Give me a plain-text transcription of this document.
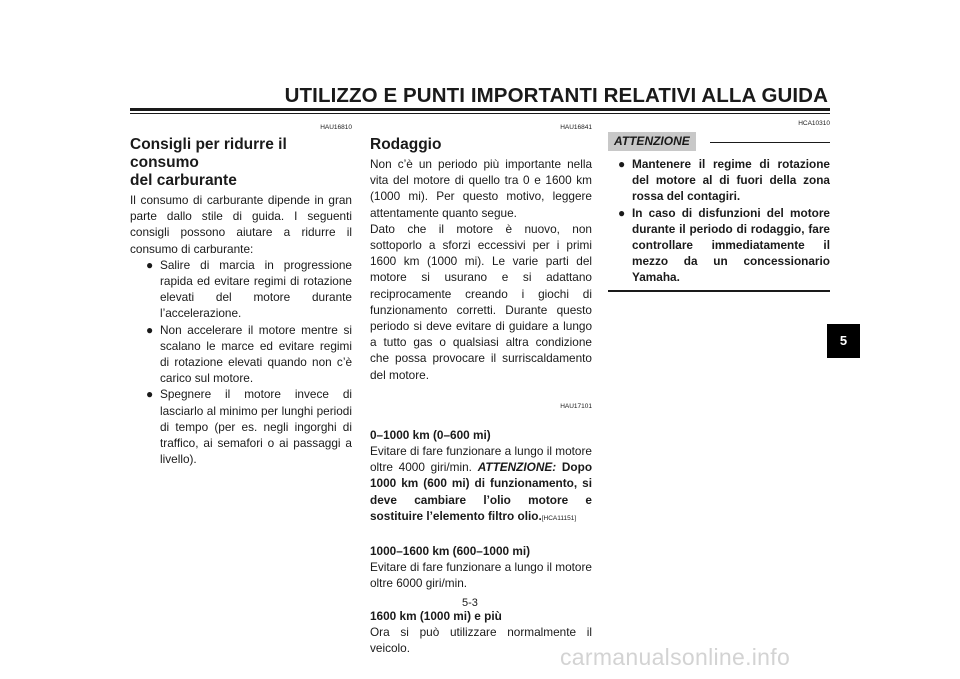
UTILIZZO E PUNTI IMPORTANTI RELATIVI ALLA GUIDA
HAU16810
Consigli per ridurre il consumo
del carburante

Il consumo di carburante dipende in gran parte dallo stile di guida. I seguenti consigli possono aiutare a ridurre il consumo di carburante:

● Salire di marcia in progressione rapida ed evitare regimi di rotazione elevati del motore durante l’accelerazione.
● Non accelerare il motore mentre si scalano le marce ed evitare regimi di rotazione elevati quando non c’è carico sul motore.
● Spegnere il motore invece di lasciarlo al minimo per lunghi periodi di tempo (per es. negli ingorghi di traffico, ai semafori o ai passaggi a livello).
HAU16841
Rodaggio

Non c’è un periodo più importante nella vita del motore di quello tra 0 e 1600 km (1000 mi). Per questo motivo, leggere attentamente quanto segue.

Dato che il motore è nuovo, non sottoporlo a sforzi eccessivi per i primi 1600 km (1000 mi). Le varie parti del motore si usurano e si adattano reciprocamente creando i giochi di funzionamento corretti. Durante questo periodo si deve evitare di guidare a lungo a tutto gas o qualsiasi altra condizione che possa provocare il surriscaldamento del motore.

HAU17101

0–1000 km (0–600 mi)

Evitare di fare funzionare a lungo il motore oltre 4000 giri/min. ATTENZIONE: Dopo 1000 km (600 mi) di funzionamento, si deve cambiare l’olio motore e sostituire l’elemento filtro olio.[HCA11151]

1000–1600 km (600–1000 mi)

Evitare di fare funzionare a lungo il motore oltre 6000 giri/min.

1600 km (1000 mi) e più

Ora si può utilizzare normalmente il veicolo.

HCA10310
ATTENZIONE
● Mantenere il regime di rotazione del motore al di fuori della zona rossa del contagiri.
● In caso di disfunzioni del motore durante il periodo di rodaggio, fare controllare immediatamente il mezzo da un concessionario Yamaha.
5-3
5
carmanualsonline.info
